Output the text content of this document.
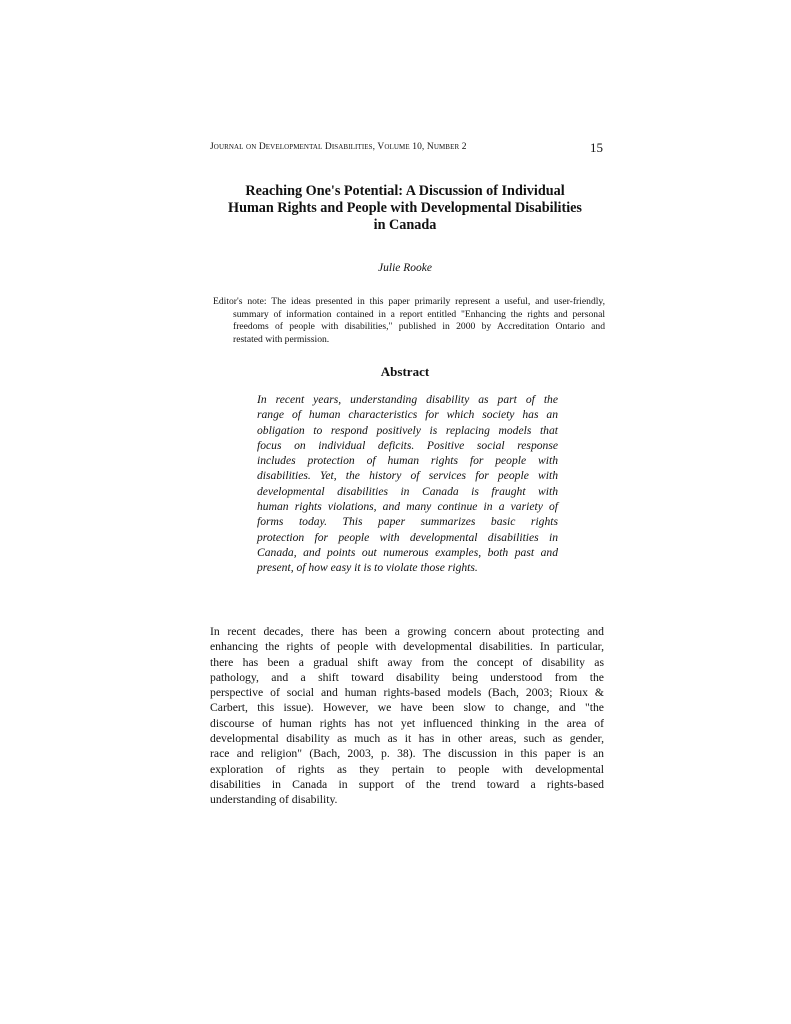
Journal on Developmental Disabilities, Volume 10, Number 2	15
Reaching One's Potential: A Discussion of Individual
Human Rights and People with Developmental Disabilities
in Canada
Julie Rooke
Editor's note: The ideas presented in this paper primarily represent a useful, and user-friendly,
summary of information contained in a report entitled "Enhancing the rights and personal
freedoms of people with disabilities," published in 2000 by Accreditation Ontario and
restated with permission.
Abstract
In recent years, understanding disability as part of the
range of human characteristics for which society has an
obligation to respond positively is replacing models that
focus on individual deficits. Positive social response
includes protection of human rights for people with
disabilities. Yet, the history of services for people with
developmental disabilities in Canada is fraught with
human rights violations, and many continue in a variety of
forms today. This paper summarizes basic rights
protection for people with developmental disabilities in
Canada, and points out numerous examples, both past and
present, of how easy it is to violate those rights.
In recent decades, there has been a growing concern about protecting and
enhancing the rights of people with developmental disabilities. In particular,
there has been a gradual shift away from the concept of disability as
pathology, and a shift toward disability being understood from the
perspective of social and human rights-based models (Bach, 2003; Rioux &
Carbert, this issue). However, we have been slow to change, and "the
discourse of human rights has not yet influenced thinking in the area of
developmental disability as much as it has in other areas, such as gender,
race and religion" (Bach, 2003, p. 38). The discussion in this paper is an
exploration of rights as they pertain to people with developmental
disabilities in Canada in support of the trend toward a rights-based
understanding of disability.
